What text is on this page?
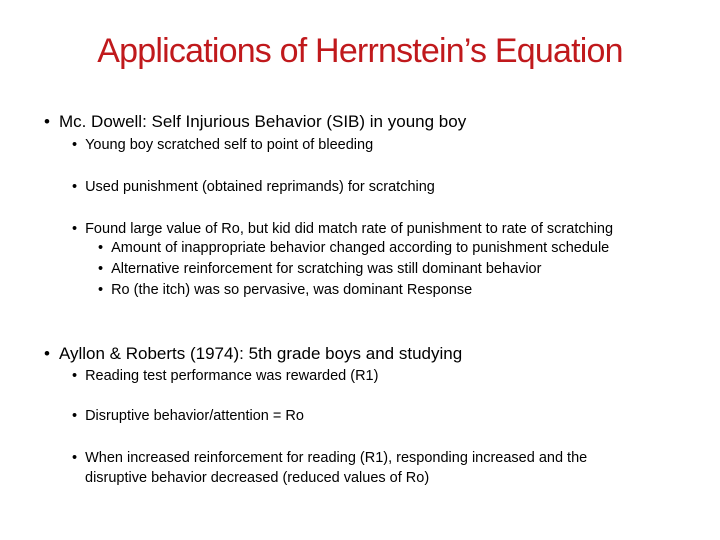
Applications of Herrnstein’s Equation
• Mc. Dowell: Self Injurious Behavior (SIB) in young boy
• Young boy scratched self to point of bleeding
• Used punishment (obtained reprimands) for scratching
• Found large value of Ro, but kid did match rate of punishment to rate of scratching
• Amount of inappropriate behavior changed according to punishment schedule
• Alternative reinforcement for scratching was still dominant behavior
• Ro (the itch) was so pervasive, was dominant Response
• Ayllon & Roberts (1974): 5th grade boys and studying
• Reading test performance was rewarded (R1)
• Disruptive behavior/attention = Ro
• When increased reinforcement for reading (R1), responding increased and the
disruptive behavior decreased (reduced values of Ro)
